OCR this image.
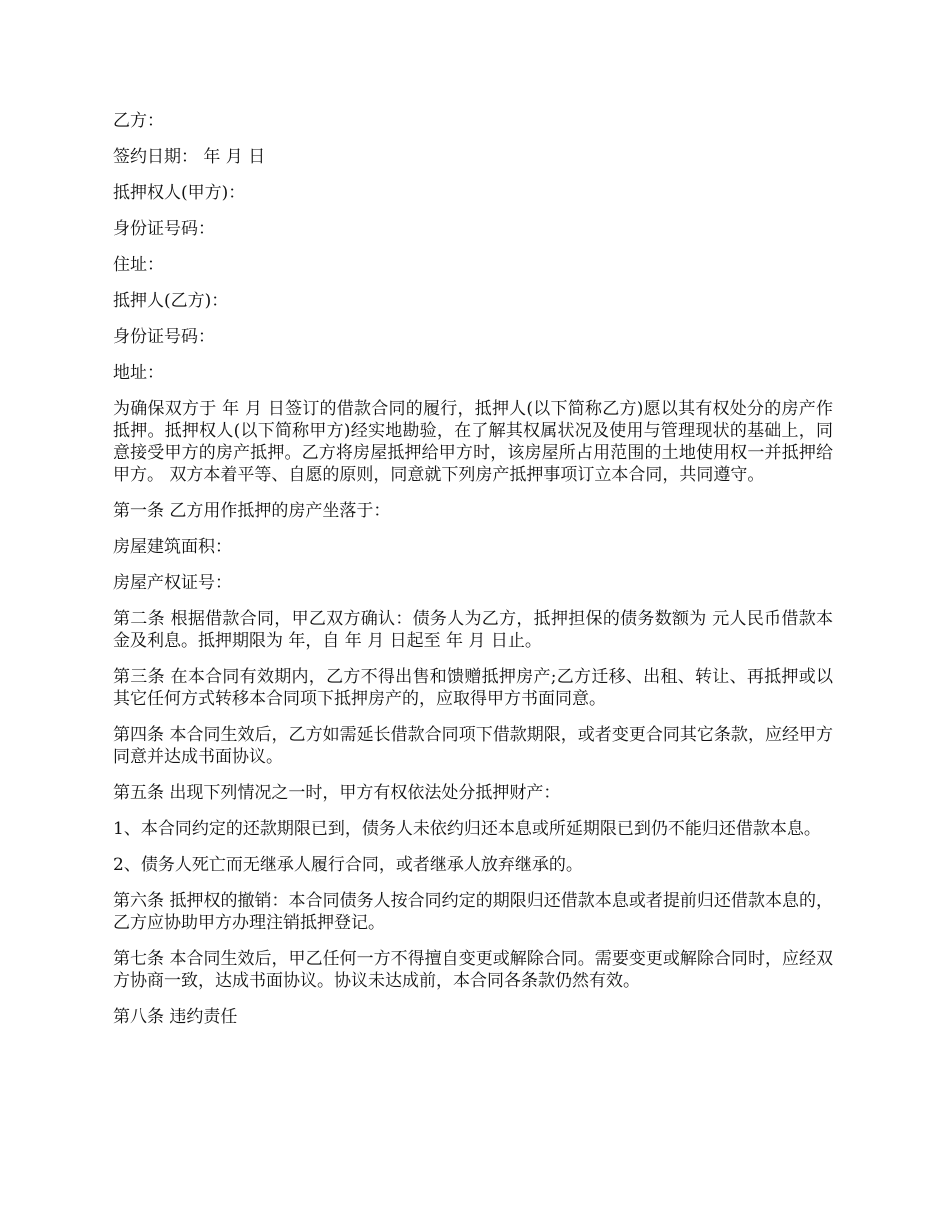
乙方：

签约日期： 年 月 日

抵押权人(甲方)：

身份证号码：

住址：

抵押人(乙方)：

身份证号码：

地址：

为确保双方于 年 月 日签订的借款合同的履行，抵押人(以下简称乙方)愿以其有权处分的房产作抵押。抵押权人(以下简称甲方)经实地勘验，在了解其权属状况及使用与管理现状的基础上，同意接受甲方的房产抵押。乙方将房屋抵押给甲方时，该房屋所占用范围的土地使用权一并抵押给甲方。 双方本着平等、自愿的原则，同意就下列房产抵押事项订立本合同，共同遵守。

第一条 乙方用作抵押的房产坐落于：

房屋建筑面积：

房屋产权证号：

第二条 根据借款合同，甲乙双方确认：债务人为乙方，抵押担保的债务数额为 元人民币借款本金及利息。抵押期限为 年，自 年 月 日起至 年 月 日止。

第三条 在本合同有效期内，乙方不得出售和馈赠抵押房产;乙方迁移、出租、转让、再抵押或以其它任何方式转移本合同项下抵押房产的，应取得甲方书面同意。

第四条 本合同生效后，乙方如需延长借款合同项下借款期限，或者变更合同其它条款，应经甲方同意并达成书面协议。

第五条 出现下列情况之一时，甲方有权依法处分抵押财产：

1、本合同约定的还款期限已到，债务人未依约归还本息或所延期限已到仍不能归还借款本息。

2、债务人死亡而无继承人履行合同，或者继承人放弃继承的。

第六条 抵押权的撤销：本合同债务人按合同约定的期限归还借款本息或者提前归还借款本息的，乙方应协助甲方办理注销抵押登记。

第七条 本合同生效后，甲乙任何一方不得擅自变更或解除合同。需要变更或解除合同时，应经双方协商一致，达成书面协议。协议未达成前，本合同各条款仍然有效。

第八条 违约责任
